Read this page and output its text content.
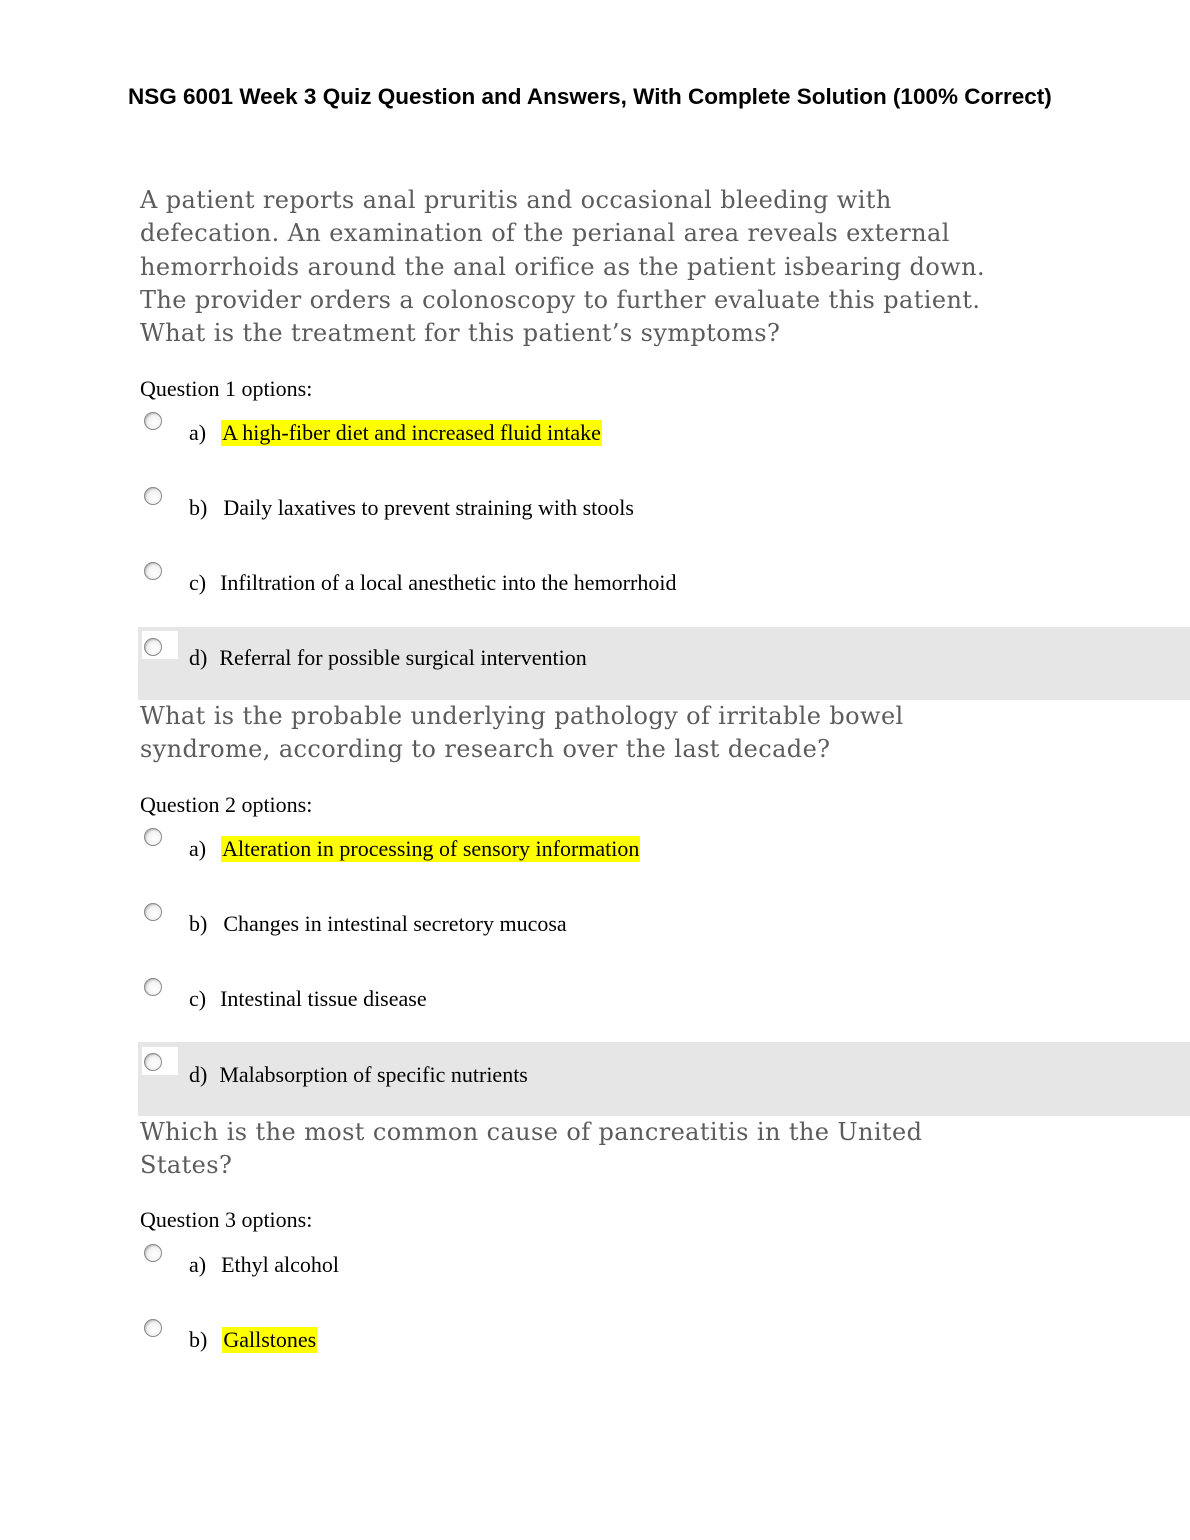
NSG 6001 Week 3 Quiz Question and Answers, With Complete Solution (100% Correct)
A patient reports anal pruritis and occasional bleeding with defecation. An examination of the perianal area reveals external hemorrhoids around the anal orifice as the patient isbearing down. The provider orders a colonoscopy to further evaluate this patient. What is the treatment for this patient’s symptoms?
Question 1 options:
a) A high-fiber diet and increased fluid intake
b) Daily laxatives to prevent straining with stools
c) Infiltration of a local anesthetic into the hemorrhoid
d) Referral for possible surgical intervention
What is the probable underlying pathology of irritable bowel syndrome, according to research over the last decade?
Question 2 options:
a) Alteration in processing of sensory information
b) Changes in intestinal secretory mucosa
c) Intestinal tissue disease
d) Malabsorption of specific nutrients
Which is the most common cause of pancreatitis in the United States?
Question 3 options:
a) Ethyl alcohol
b) Gallstones
